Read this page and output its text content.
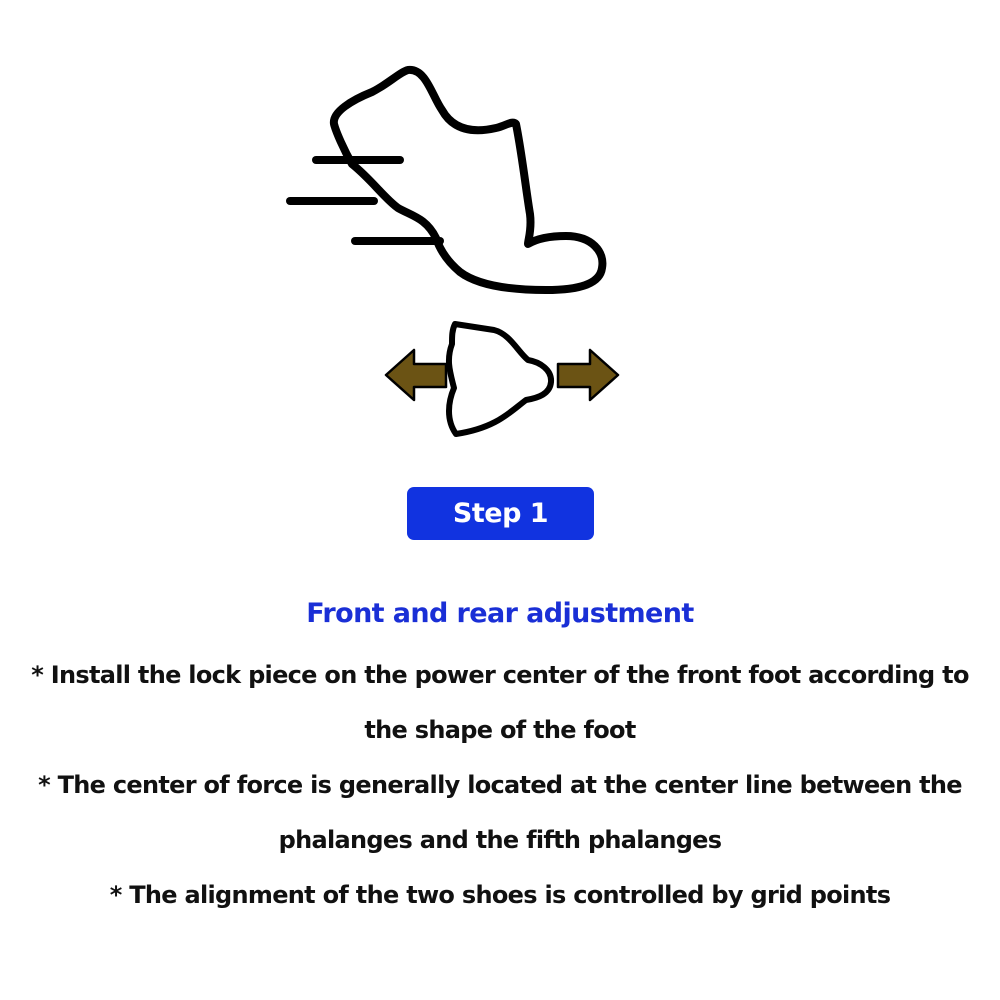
Step 1
Front and rear adjustment
* Install the lock piece on the power center of the front foot according to the shape of the foot
* The center of force is generally located at the center line between the phalanges and the fifth phalanges
* The alignment of the two shoes is controlled by grid points
